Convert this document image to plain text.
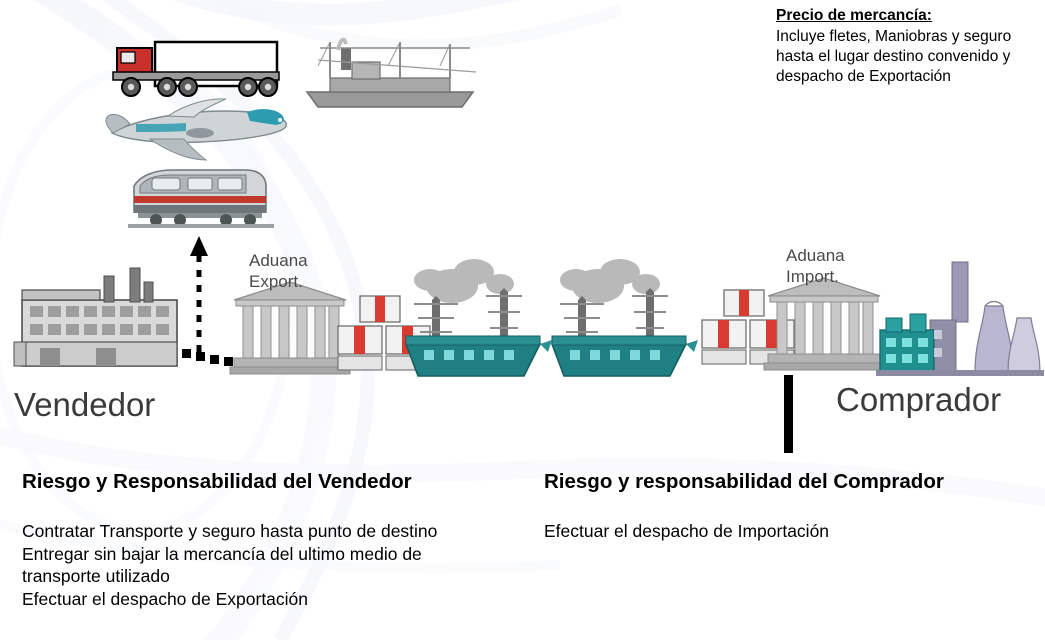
Precio de mercancía:
Incluye fletes, Maniobras y seguro hasta el lugar destino convenido y despacho de Exportación
Vendedor	Comprador
Aduana
Export.
Aduana
Import.

Riesgo y Responsabilidad del Vendedor

Contratar Transporte y seguro hasta punto de destino

Entregar sin bajar la mercancía del ultimo medio de

transporte utilizado

Efectuar el despacho de Exportación

Riesgo y responsabilidad del Comprador

Efectuar el despacho de Importación
